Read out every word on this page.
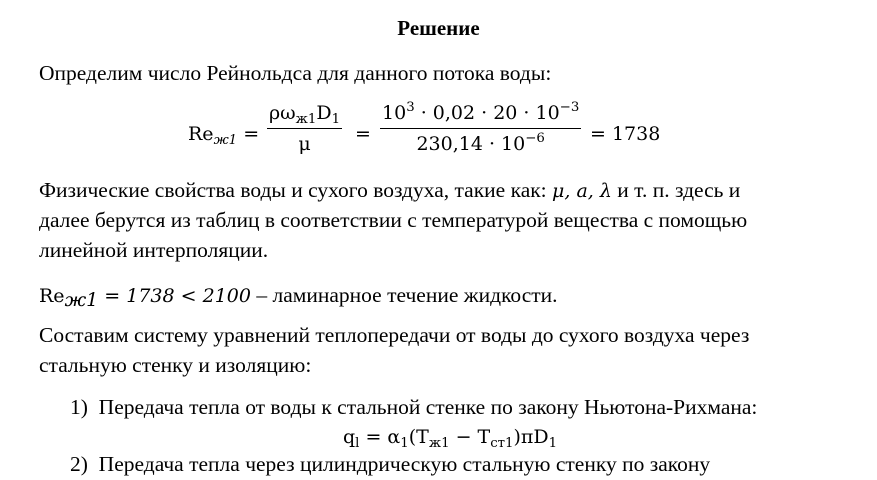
Решение
Определим число Рейнольдса для данного потока воды:
$Re_{ж1}$ =
$\rho\omega_{ж1}D_1$
μ	= $\frac{10^3 \cdot 0,02 \cdot 20 \cdot 10^{-3}}{230,14 \cdot 10^{-6}} = 1738$
Физические свойства воды и сухого воздуха, такие как: μ, a, λ и т. п. здесь и
далее берутся из таблиц в соответствии с температурой вещества с помощью
линейной интерполяции.
$Re_{ж1} = 1738 < 2100$ – ламинарное течение жидкости.
Составим систему уравнений теплопередачи от воды до сухого воздуха через
стальную стенку и изоляцию:
1) Передача тепла от воды к стальной стенке по закону Ньютона-Рихмана:
$q_l = \alpha_1(T_{ж1} - T_{ст1})\pi D_1$
2) Передача тепла через цилиндрическую стальную стенку по закону
